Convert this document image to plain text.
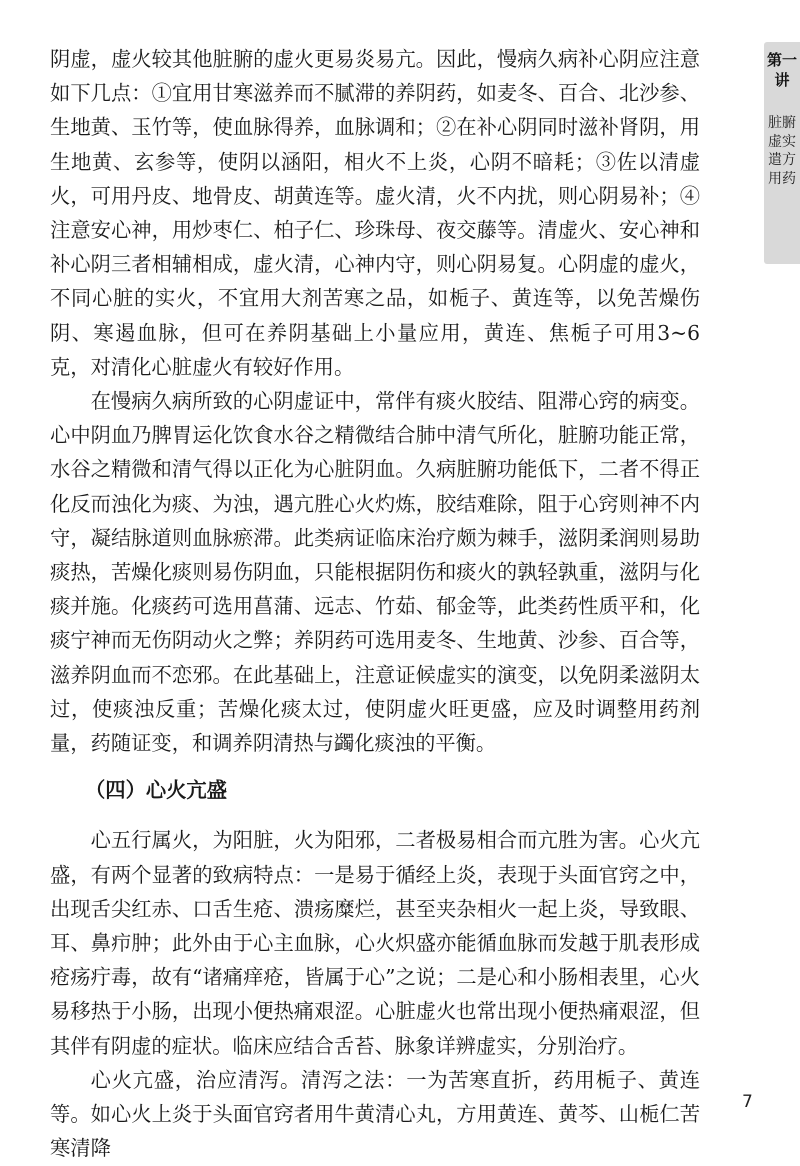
阴虚，虚火较其他脏腑的虚火更易炎易亢。因此，慢病久病补心阴应注意如下几点：①宜用甘寒滋养而不腻滞的养阴药，如麦冬、百合、北沙参、生地黄、玉竹等，使血脉得养，血脉调和；②在补心阴同时滋补肾阴，用生地黄、玄参等，使阴以涵阳，相火不上炎，心阴不暗耗；③佐以清虚火，可用丹皮、地骨皮、胡黄连等。虚火清，火不内扰，则心阴易补；④注意安心神，用炒枣仁、柏子仁、珍珠母、夜交藤等。清虚火、安心神和补心阴三者相辅相成，虚火清，心神内守，则心阴易复。心阴虚的虚火，不同心脏的实火，不宜用大剂苦寒之品，如栀子、黄连等，以免苦燥伤阴、寒遏血脉，但可在养阴基础上小量应用，黄连、焦栀子可用3~6克，对清化心脏虚火有较好作用。

在慢病久病所致的心阴虚证中，常伴有痰火胶结、阻滞心窍的病变。心中阴血乃脾胃运化饮食水谷之精微结合肺中清气所化，脏腑功能正常，水谷之精微和清气得以正化为心脏阴血。久病脏腑功能低下，二者不得正化反而浊化为痰、为浊，遇亢胜心火灼炼，胶结难除，阻于心窍则神不内守，凝结脉道则血脉瘀滞。此类病证临床治疗颇为棘手，滋阴柔润则易助痰热，苦燥化痰则易伤阴血，只能根据阴伤和痰火的孰轻孰重，滋阴与化痰并施。化痰药可选用菖蒲、远志、竹茹、郁金等，此类药性质平和，化痰宁神而无伤阴动火之弊；养阴药可选用麦冬、生地黄、沙参、百合等，滋养阴血而不恋邪。在此基础上，注意证候虚实的演变，以免阴柔滋阴太过，使痰浊反重；苦燥化痰太过，使阴虚火旺更盛，应及时调整用药剂量，药随证变，和调养阴清热与蠲化痰浊的平衡。

（四）心火亢盛

心五行属火，为阳脏，火为阳邪，二者极易相合而亢胜为害。心火亢盛，有两个显著的致病特点：一是易于循经上炎，表现于头面官窍之中，出现舌尖红赤、口舌生疮、溃疡糜烂，甚至夹杂相火一起上炎，导致眼、耳、鼻疖肿；此外由于心主血脉，心火炽盛亦能循血脉而发越于肌表形成疮疡疔毒，故有“诸痛痒疮，皆属于心”之说；二是心和小肠相表里，心火易移热于小肠，出现小便热痛艰涩。心脏虚火也常出现小便热痛艰涩，但其伴有阴虚的症状。临床应结合舌苔、脉象详辨虚实，分别治疗。

心火亢盛，治应清泻。清泻之法：一为苦寒直折，药用栀子、黄连等。如心火上炎于头面官窍者用牛黄清心丸，方用黄连、黄芩、山栀仁苦寒清降

第一讲
脏腑虚实遣方用药
7
